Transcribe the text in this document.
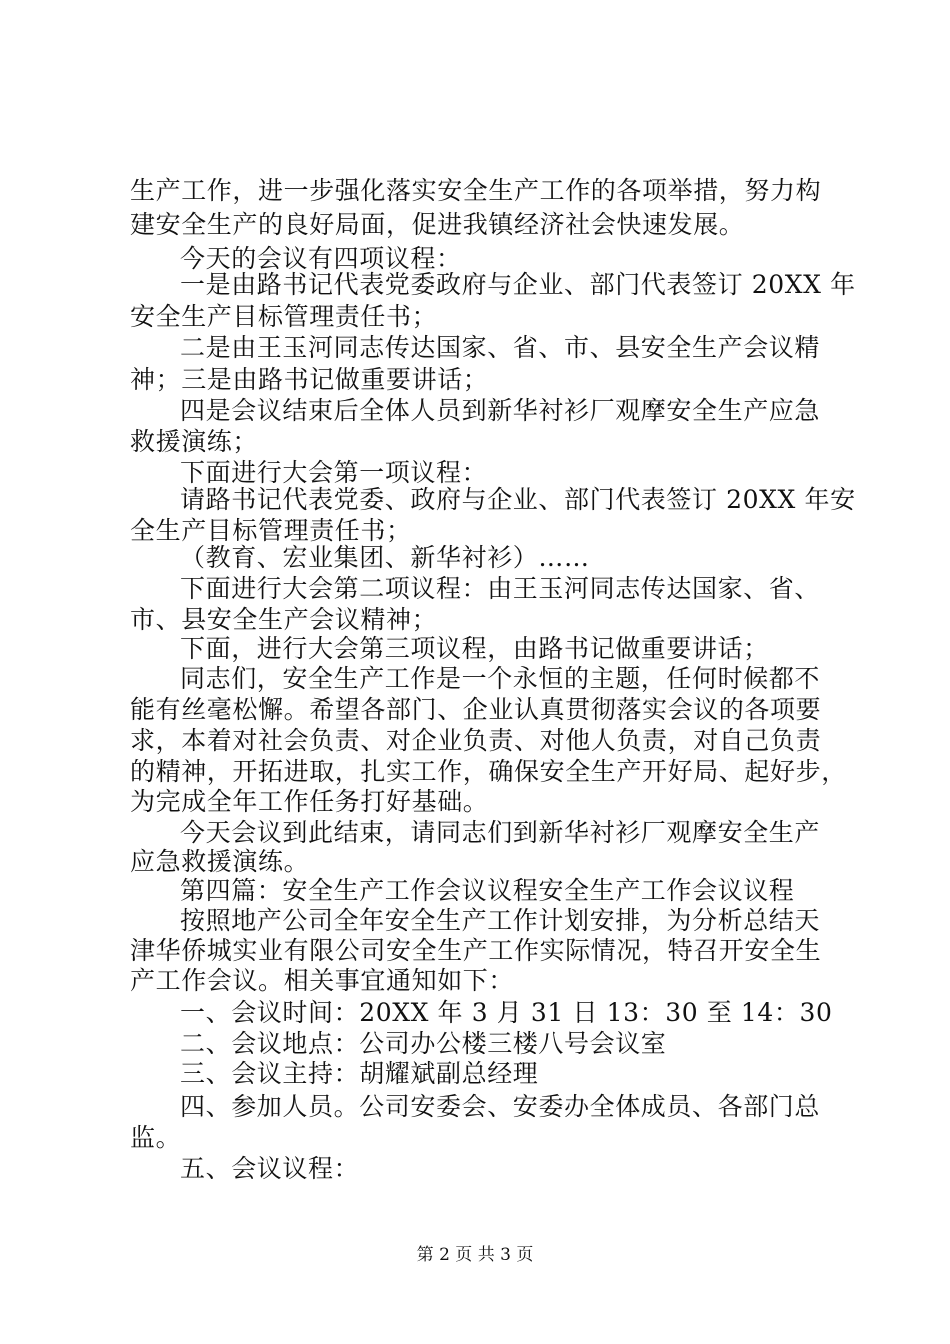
生产工作，进一步强化落实安全生产工作的各项举措，努力构
建安全生产的良好局面，促进我镇经济社会快速发展。
今天的会议有四项议程：
一是由路书记代表党委政府与企业、部门代表签订 20XX 年
安全生产目标管理责任书；
二是由王玉河同志传达国家、省、市、县安全生产会议精
神；三是由路书记做重要讲话；
四是会议结束后全体人员到新华衬衫厂观摩安全生产应急
救援演练；
下面进行大会第一项议程：
请路书记代表党委、政府与企业、部门代表签订 20XX 年安
全生产目标管理责任书；
（教育、宏业集团、新华衬衫）……
下面进行大会第二项议程：由王玉河同志传达国家、省、
市、县安全生产会议精神；
下面，进行大会第三项议程，由路书记做重要讲话；
同志们，安全生产工作是一个永恒的主题，任何时候都不
能有丝毫松懈。希望各部门、企业认真贯彻落实会议的各项要
求，本着对社会负责、对企业负责、对他人负责，对自己负责
的精神，开拓进取，扎实工作，确保安全生产开好局、起好步，
为完成全年工作任务打好基础。
今天会议到此结束，请同志们到新华衬衫厂观摩安全生产
应急救援演练。
第四篇：安全生产工作会议议程安全生产工作会议议程
按照地产公司全年安全生产工作计划安排，为分析总结天
津华侨城实业有限公司安全生产工作实际情况，特召开安全生
产工作会议。相关事宜通知如下：
一、会议时间：20XX 年 3 月 31 日 13：30 至 14：30
二、会议地点：公司办公楼三楼八号会议室
三、会议主持：胡耀斌副总经理
四、参加人员。公司安委会、安委办全体成员、各部门总
监。
五、会议议程：
第 2 页 共 3 页
